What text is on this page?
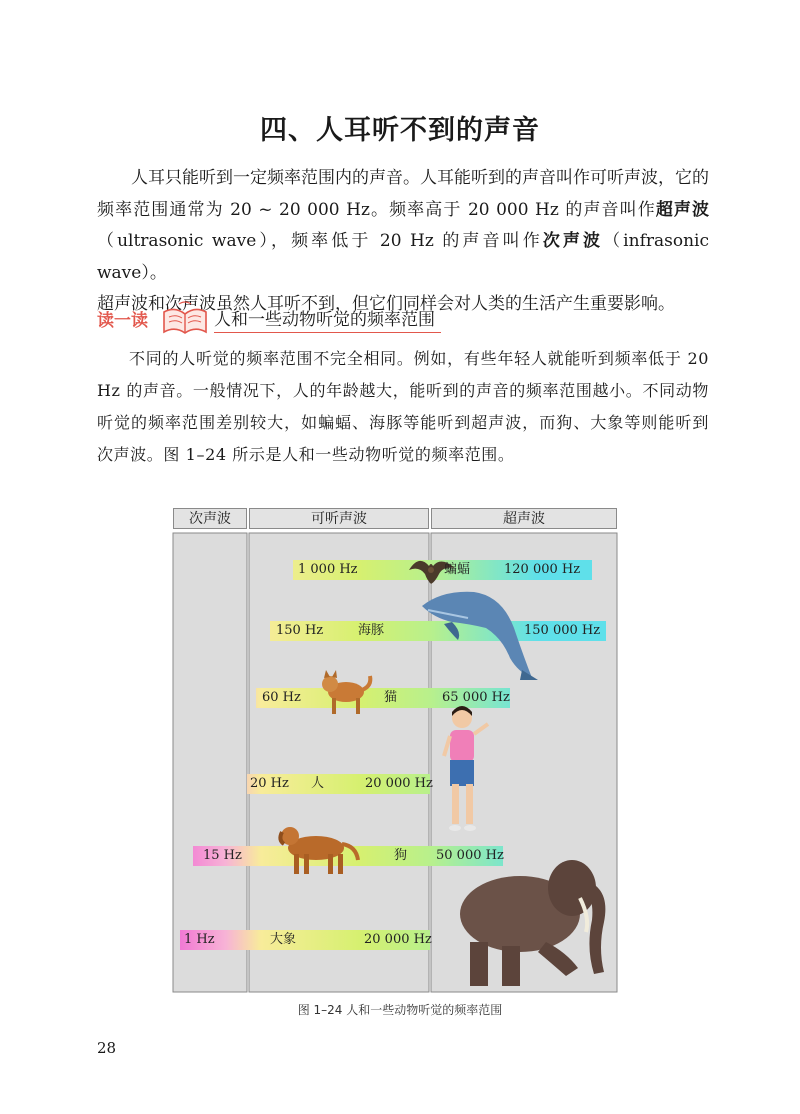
四、人耳听不到的声音

人耳只能听到一定频率范围内的声音。人耳能听到的声音叫作可听声波，它的频率范围通常为 20 ~ 20 000 Hz。频率高于 20 000 Hz 的声音叫作超声波（ultrasonic wave），频率低于 20 Hz 的声音叫作次声波（infrasonic wave）。

超声波和次声波虽然人耳听不到，但它们同样会对人类的生活产生重要影响。

读一读	人和一些动物听觉的频率范围

不同的人听觉的频率范围不完全相同。例如，有些年轻人就能听到频率低于 20 Hz 的声音。一般情况下，人的年龄越大，能听到的声音的频率范围越小。不同动物听觉的频率范围差别较大，如蝙蝠、海豚等能听到超声波，而狗、大象等则能听到次声波。图 1–24 所示是人和一些动物听觉的频率范围。

次声波	可听声波	超声波
1 000 Hz	蝙蝠	120 000 Hz
150 Hz	海豚	150 000 Hz
60 Hz	猫	65 000 Hz
20 Hz 人	20 000 Hz
15 Hz	狗 50 000 Hz
1 Hz	大象	20 000 Hz
图 1–24 人和一些动物听觉的频率范围
28
